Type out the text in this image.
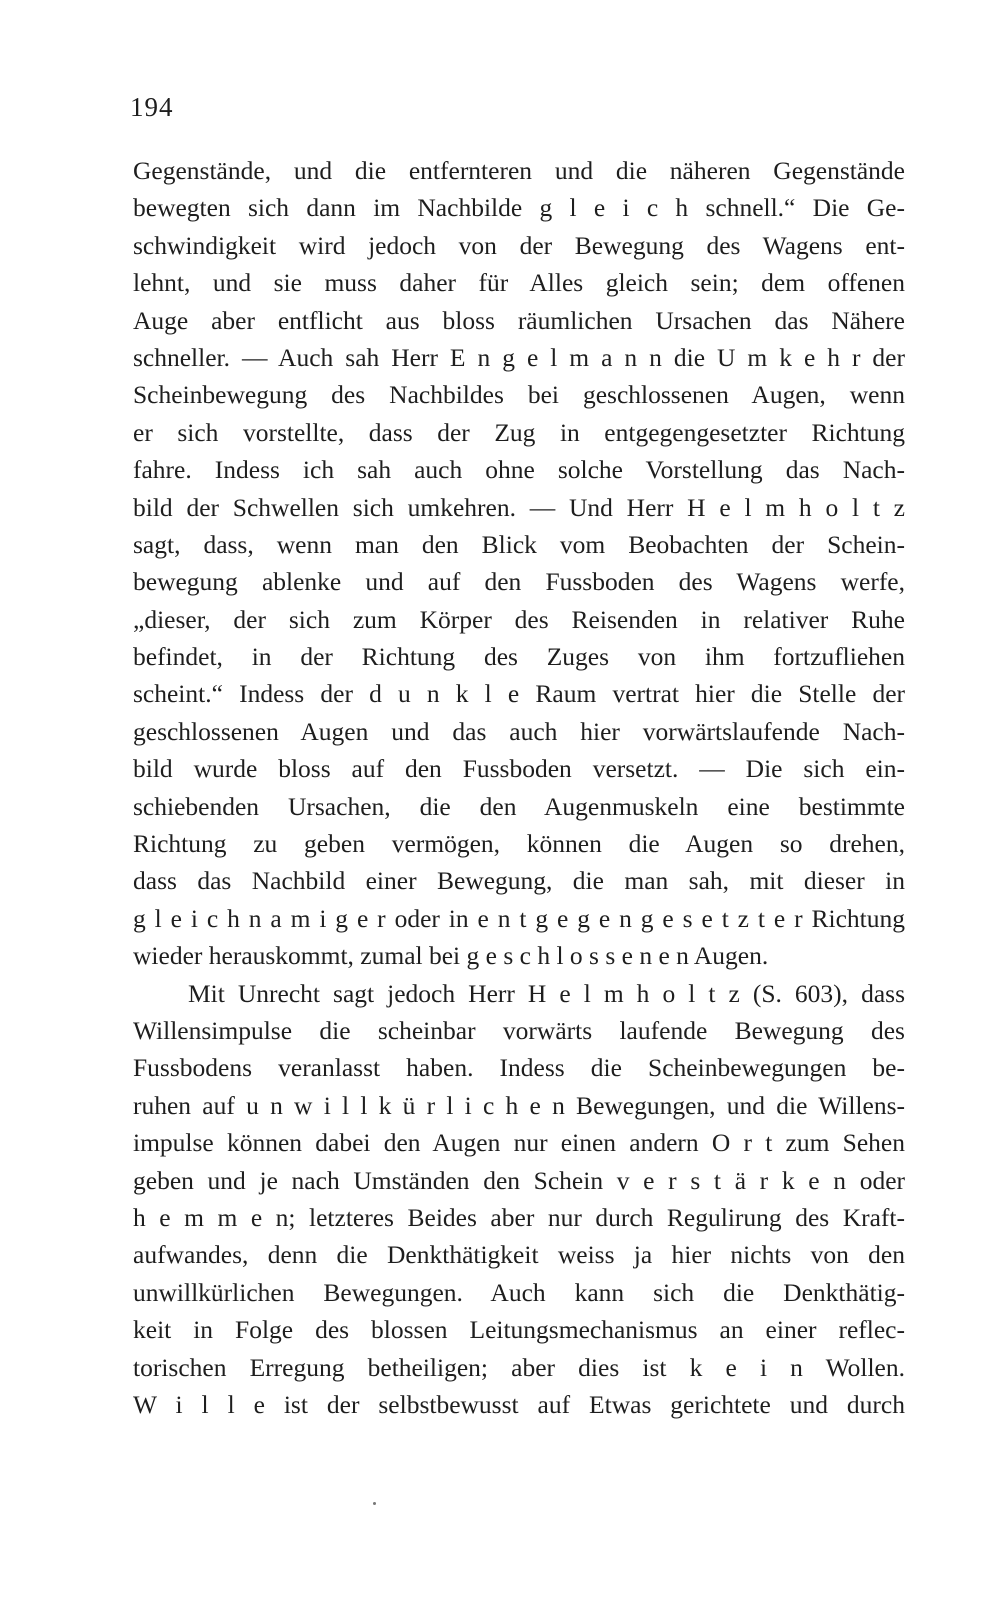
194
Gegenstände, und die entfernteren und die näheren Gegenstände
bewegten sich dann im Nachbilde g l e i c h schnell.“ Die Ge-
schwindigkeit wird jedoch von der Bewegung des Wagens ent-
lehnt, und sie muss daher für Alles gleich sein; dem offenen
Auge aber entflicht aus bloss räumlichen Ursachen das Nähere
schneller. — Auch sah Herr E n g e l m a n n die U m k e h r der
Scheinbewegung des Nachbildes bei geschlossenen Augen, wenn
er sich vorstellte, dass der Zug in entgegengesetzter Richtung
fahre. Indess ich sah auch ohne solche Vorstellung das Nach-
bild der Schwellen sich umkehren. — Und Herr H e l m h o l t z
sagt, dass, wenn man den Blick vom Beobachten der Schein-
bewegung ablenke und auf den Fussboden des Wagens werfe,
„dieser, der sich zum Körper des Reisenden in relativer Ruhe
befindet, in der Richtung des Zuges von ihm fortzufliehen
scheint.“ Indess der d u n k l e Raum vertrat hier die Stelle der
geschlossenen Augen und das auch hier vorwärtslaufende Nach-
bild wurde bloss auf den Fussboden versetzt. — Die sich ein-
schiebenden Ursachen, die den Augenmuskeln eine bestimmte
Richtung zu geben vermögen, können die Augen so drehen,
dass das Nachbild einer Bewegung, die man sah, mit dieser in
g l e i c h n a m i g e r oder in e n t g e g e n g e s e t z t e r Richtung
wieder herauskommt, zumal bei g e s c h l o s s e n e n Augen.
Mit Unrecht sagt jedoch Herr H e l m h o l t z (S. 603), dass
Willensimpulse die scheinbar vorwärts laufende Bewegung des
Fussbodens veranlasst haben. Indess die Scheinbewegungen be-
ruhen auf u n w i l l k ü r l i c h e n Bewegungen, und die Willens-
impulse können dabei den Augen nur einen andern O r t zum Sehen
geben und je nach Umständen den Schein v e r s t ä r k e n oder
h e m m e n; letzteres Beides aber nur durch Regulirung des Kraft-
aufwandes, denn die Denkthätigkeit weiss ja hier nichts von den
unwillkürlichen Bewegungen. Auch kann sich die Denkthätig-
keit in Folge des blossen Leitungsmechanismus an einer reflec-
torischen Erregung betheiligen; aber dies ist k e i n Wollen.
W i l l e ist der selbstbewusst auf Etwas gerichtete und durch
